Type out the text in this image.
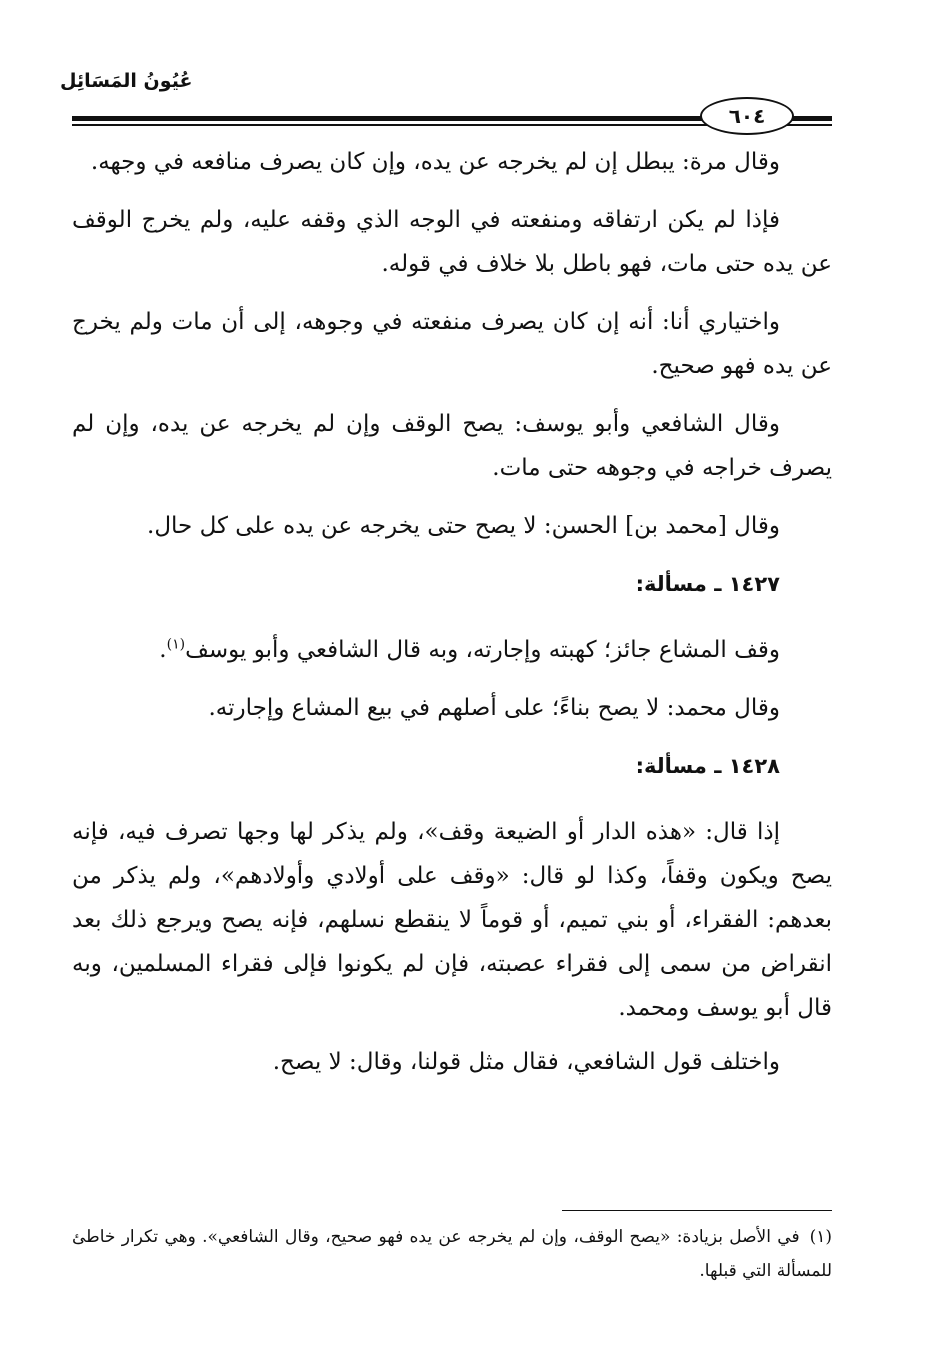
عُيُونُ المَسَائِل
٦٠٤

وقال مرة: يبطل إن لم يخرجه عن يده، وإن كان يصرف منافعه في وجهه.

فإذا لم يكن ارتفاقه ومنفعته في الوجه الذي وقفه عليه، ولم يخرج الوقف عن يده حتى مات، فهو باطل بلا خلاف في قوله.

واختياري أنا: أنه إن كان يصرف منفعته في وجوهه، إلى أن مات ولم يخرج عن يده فهو صحيح.

وقال الشافعي وأبو يوسف: يصح الوقف وإن لم يخرجه عن يده، وإن لم يصرف خراجه في وجوهه حتى مات.

وقال [محمد بن] الحسن: لا يصح حتى يخرجه عن يده على كل حال.

١٤٢٧ ـ مسألة:

وقف المشاع جائز؛ كهبته وإجارته، وبه قال الشافعي وأبو يوسف$^{(١)}$.

وقال محمد: لا يصح بناءً؛ على أصلهم في بيع المشاع وإجارته.

١٤٢٨ ـ مسألة:

إذا قال: «هذه الدار أو الضيعة وقف»، ولم يذكر لها وجها تصرف فيه، فإنه يصح ويكون وقفاً، وكذا لو قال: «وقف على أولادي وأولادهم»، ولم يذكر من بعدهم: الفقراء، أو بني تميم، أو قوماً لا ينقطع نسلهم، فإنه يصح ويرجع ذلك بعد انقراض من سمى إلى فقراء عصبته، فإن لم يكونوا فإلى فقراء المسلمين، وبه قال أبو يوسف ومحمد.

واختلف قول الشافعي، فقال مثل قولنا، وقال: لا يصح.

(١)في الأصل بزيادة: «يصح الوقف، وإن لم يخرجه عن يده فهو صحيح، وقال الشافعي». وهي تكرار خاطئ للمسألة التي قبلها.
